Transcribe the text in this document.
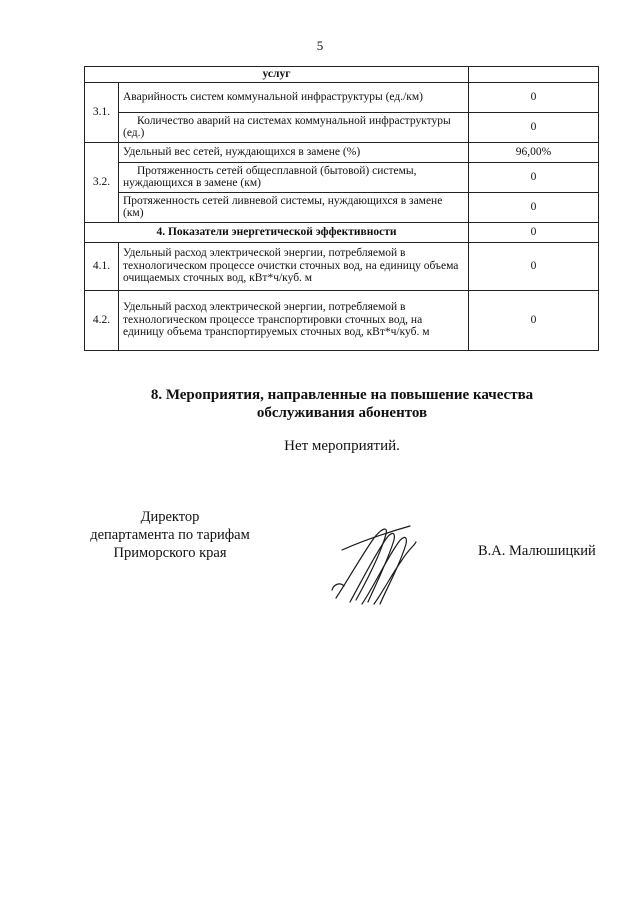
5
услуг		
3.1.	Аварийность систем коммунальной инфраструктуры (ед./км)	0
	Количество аварий на системах коммунальной инфраструктуры (ед.)	0
3.2.	Удельный вес сетей, нуждающихся в замене (%)	96,00%
	Протяженность сетей общесплавной (бытовой) системы, нуждающихся в замене (км)	0
	Протяженность сетей ливневой системы, нуждающихся в замене (км)	0
4. Показатели энергетической эффективности		0
4.1.	Удельный расход электрической энергии, потребляемой в технологическом процессе очистки сточных вод, на единицу объема очищаемых сточных вод, кВт*ч/куб. м	0
4.2.	Удельный расход электрической энергии, потребляемой в технологическом процессе транспортировки сточных вод, на единицу объема транспортируемых сточных вод, кВт*ч/куб. м	0
8. Мероприятия, направленные на повышение качества
обслуживания абонентов
Нет мероприятий.
Директор
департамента по тарифам
Приморского края	В.А. Малюшицкий
